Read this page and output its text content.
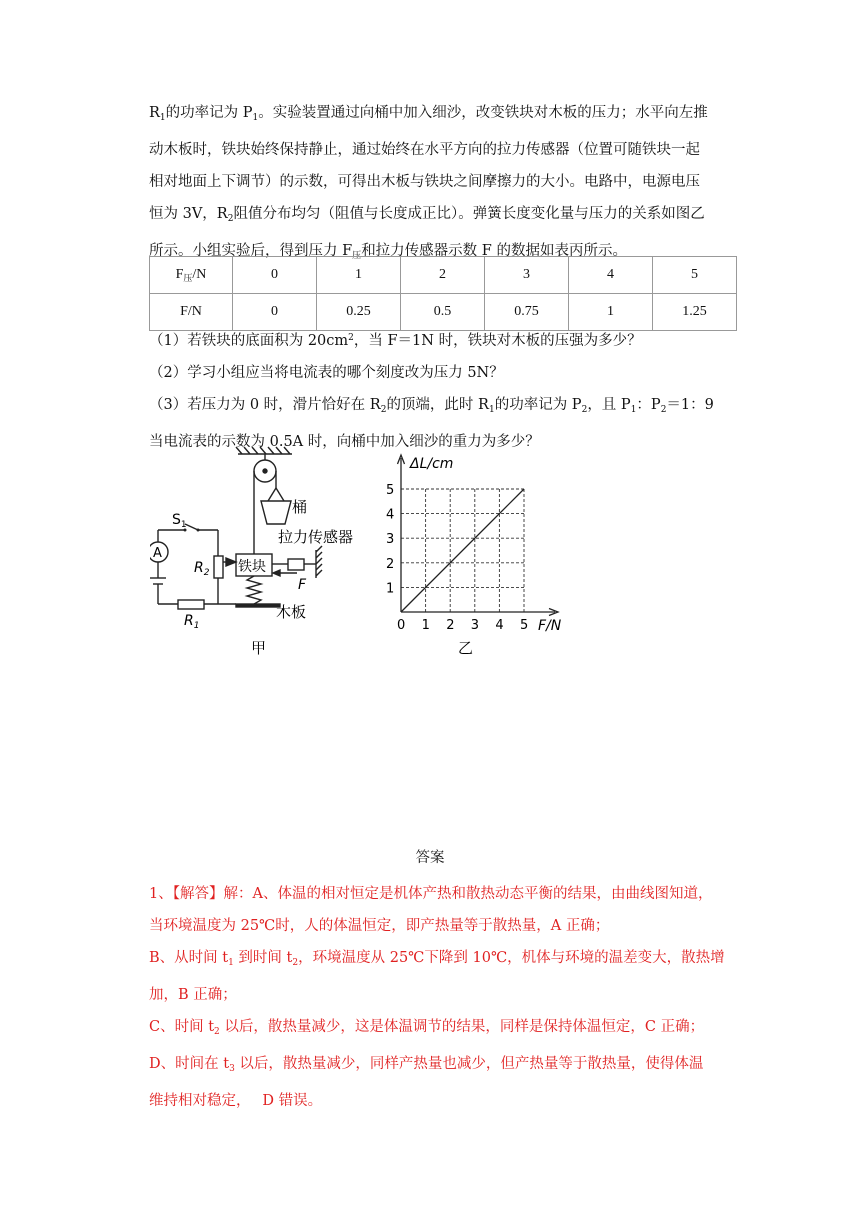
$R_1$的功率记为 $P_1$。实验装置通过向桶中加入细沙，改变铁块对木板的压力；水平向左推

动木板时，铁块始终保持静止，通过始终在水平方向的拉力传感器（位置可随铁块一起

相对地面上下调节）的示数，可得出木板与铁块之间摩擦力的大小。电路中，电源电压

恒为 3V，$R_2$阻值分布均匀（阻值与长度成正比）。弹簧长度变化量与压力的关系如图乙

所示。小组实验后，得到压力 $F_压$和拉力传感器示数 F 的数据如表丙所示。

$F_压/N$	0	1	2	3	4	5
F/N	0	0.25	0.5	0.75	1	1.25

（1）若铁块的底面积为 $20cm^2$，当 F＝1N 时，铁块对木板的压强为多少？

（2）学习小组应当将电流表的哪个刻度改为压力 5N？

（3）若压力为 0 时，滑片恰好在 $R_2$的顶端，此时 $R_1$的功率记为 $P_2$，且 $P_1$：$P_2=1$：9

当电流表的示数为 0.5A 时，向桶中加入细沙的重力为多少？

A
$S_1$
$R_2$
$R_1$
桶
拉力传感器
铁块
F
木板
甲
0 1 2 3 4 5
1
2
3
4
5
ΔL/cm
F/N
乙
答案

1、【解答】解：A、体温的相对恒定是机体产热和散热动态平衡的结果，由曲线图知道，

当环境温度为 25℃时，人的体温恒定，即产热量等于散热量，A 正确；

B、从时间 $t_1$ 到时间 $t_2$，环境温度从 25℃下降到 10℃，机体与环境的温差变大，散热增

加，B 正确；

C、时间 $t_2$ 以后，散热量减少，这是体温调节的结果，同样是保持体温恒定，C 正确；

D、时间在 $t_3$ 以后，散热量减少，同样产热量也减少，但产热量等于散热量，使得体温

维持相对稳定，　 D 错误。
